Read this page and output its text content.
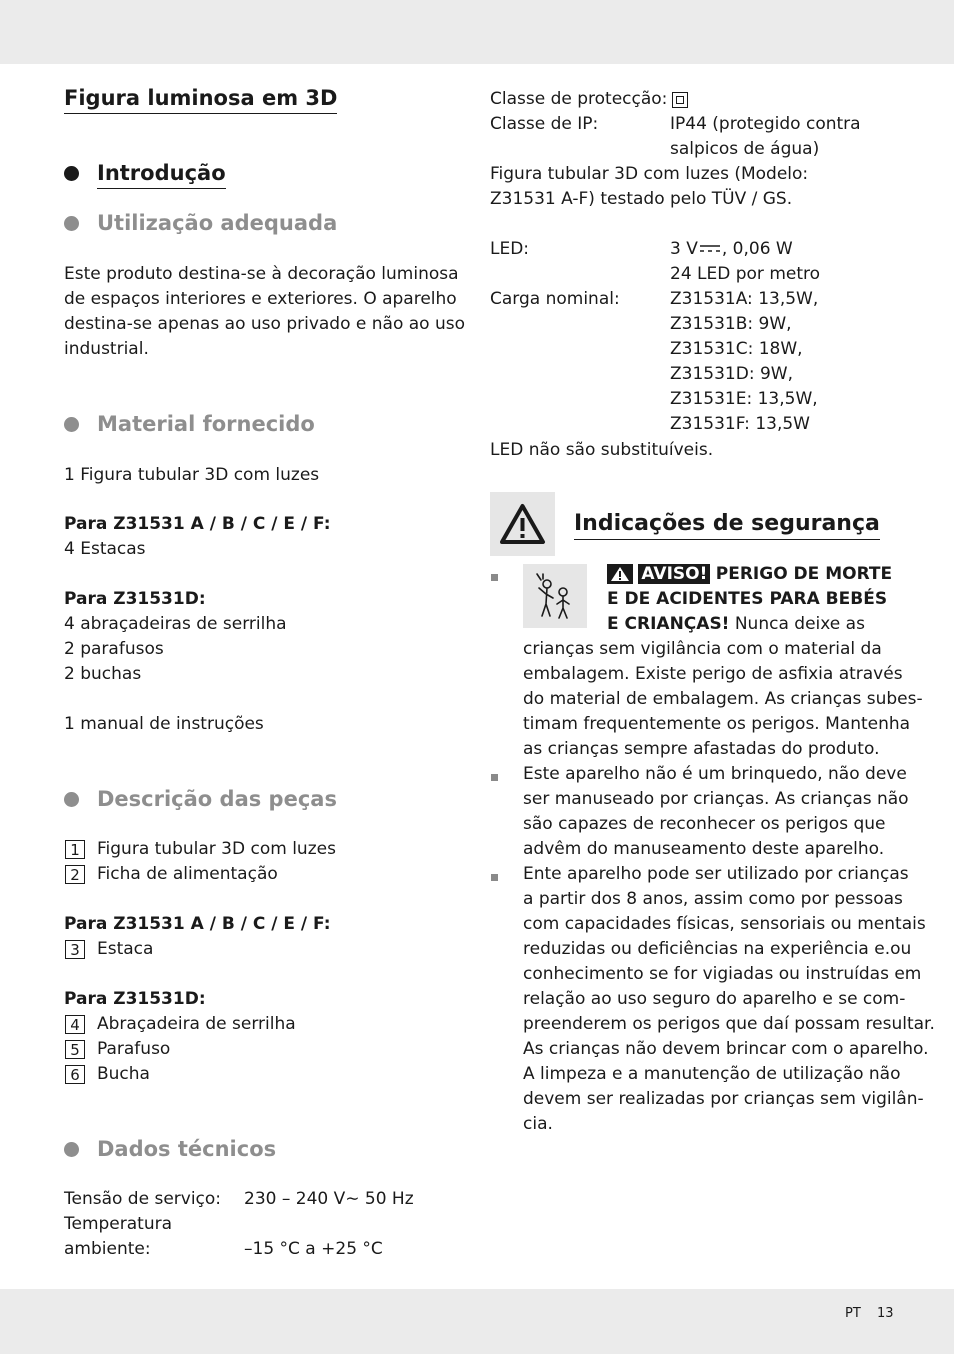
PT 13
Figura luminosa em 3D
Introdução
Utilização adequada
Este produto destina-se à decoração luminosa
de espaços interiores e exteriores. O aparelho
destina-se apenas ao uso privado e não ao uso
industrial.
Material fornecido
1 Figura tubular 3D com luzes
Para Z31531 A / B / C / E / F:
4 Estacas
Para Z31531D:
4 abraçadeiras de serrilha
2 parafusos
2 buchas
1 manual de instruções
Descrição das peças
1	Figura tubular 3D com luzes
2	Ficha de alimentação
Para Z31531 A / B / C / E / F:
3	Estaca
Para Z31531D:
4	Abraçadeira de serrilha
5	Parafuso
6	Bucha
Dados técnicos
Tensão de serviço: 230 – 240 V∼ 50 Hz
Temperatura
ambiente:	–15 °C a +25 °C
Classe de protecção:
Classe de IP:	IP44 (protegido contra
salpicos de água)
Figura tubular 3D com luzes (Modelo:
Z31531 A-F) testado pelo TÜV / GS.
LED:	3 V , 0,06 W
24 LED por metro
Carga nominal:	Z31531A: 13,5W,
Z31531B: 9W,
Z31531C: 18W,
Z31531D: 9W,
Z31531E: 13,5W,
Z31531F: 13,5W
LED não são substituíveis.
Indicações de segurança
AVISO! PERIGO DE MORTE
E DE ACIDENTES PARA BEBÉS
E CRIANÇAS! Nunca deixe as
crianças sem vigilância com o material da
embalagem. Existe perigo de asfixia através
do material de embalagem. As crianças subes-
timam frequentemente os perigos. Mantenha
as crianças sempre afastadas do produto.
Este aparelho não é um brinquedo, não deve
ser manuseado por crianças. As crianças não
são capazes de reconhecer os perigos que
advêm do manuseamento deste aparelho.
Ente aparelho pode ser utilizado por crianças
a partir dos 8 anos, assim como por pessoas
com capacidades físicas, sensoriais ou mentais
reduzidas ou deficiências na experiência e.ou
conhecimento se for vigiadas ou instruídas em
relação ao uso seguro do aparelho e se com-
preenderem os perigos que daí possam resultar.
As crianças não devem brincar com o aparelho.
A limpeza e a manutenção de utilização não
devem ser realizadas por crianças sem vigilân-
cia.
